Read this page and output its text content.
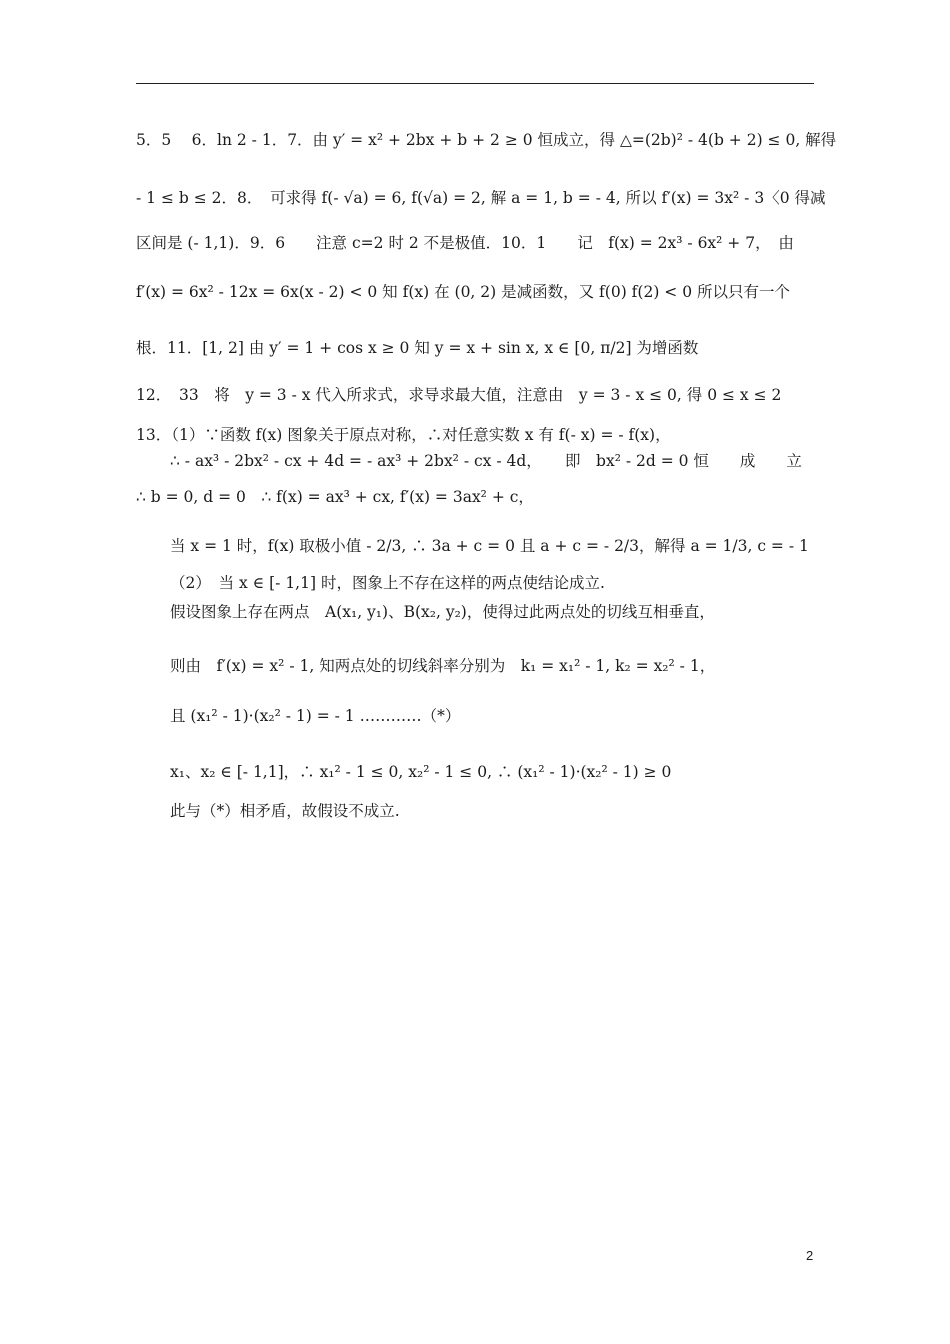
5．5　 6．ln 2 - 1．7．由 y′ = x² + 2bx + b + 2 ≥ 0 恒成立，得 △=(2b)² - 4(b + 2) ≤ 0, 解得
- 1 ≤ b ≤ 2．8．　可求得 f(- √a) = 6, f(√a) = 2, 解 a = 1, b = - 4, 所以 f′(x) = 3x² - 3〈0 得减
区间是 (- 1,1)．9．6　　注意 c=2 时 2 不是极值．10．1　　记　f(x) = 2x³ - 6x² + 7，　由
f′(x) = 6x² - 12x = 6x(x - 2) < 0 知 f(x) 在 (0, 2) 是减函数，又 f(0) f(2) < 0 所以只有一个
根．11．[1, 2] 由 y′ = 1 + cos x ≥ 0 知 y = x + sin x, x ∈ [0, π/2] 为增函数
12．　33　将　y = 3 - x 代入所求式，求导求最大值，注意由　y = 3 - x ≤ 0, 得 0 ≤ x ≤ 2
13．（1）∵函数 f(x) 图象关于原点对称，∴对任意实数 x 有 f(- x) = - f(x)，
∴ - ax³ - 2bx² - cx + 4d = - ax³ + 2bx² - cx - 4d，　　即　bx² - 2d = 0 恒　　成　　立
∴ b = 0, d = 0　∴ f(x) = ax³ + cx, f′(x) = 3ax² + c，
当 x = 1 时，f(x) 取极小值 - 2/3, ∴ 3a + c = 0 且 a + c = - 2/3，解得 a = 1/3, c = - 1
（2）　当 x ∈ [- 1,1] 时，图象上不存在这样的两点使结论成立.
假设图象上存在两点　A(x₁, y₁)、B(x₂, y₂)，使得过此两点处的切线互相垂直，
则由　f′(x) = x² - 1, 知两点处的切线斜率分别为　k₁ = x₁² - 1, k₂ = x₂² - 1，
且 (x₁² - 1)·(x₂² - 1) = - 1 …………（*）
x₁、x₂ ∈ [- 1,1]，∴ x₁² - 1 ≤ 0, x₂² - 1 ≤ 0, ∴ (x₁² - 1)·(x₂² - 1) ≥ 0
此与（*）相矛盾，故假设不成立.
2
